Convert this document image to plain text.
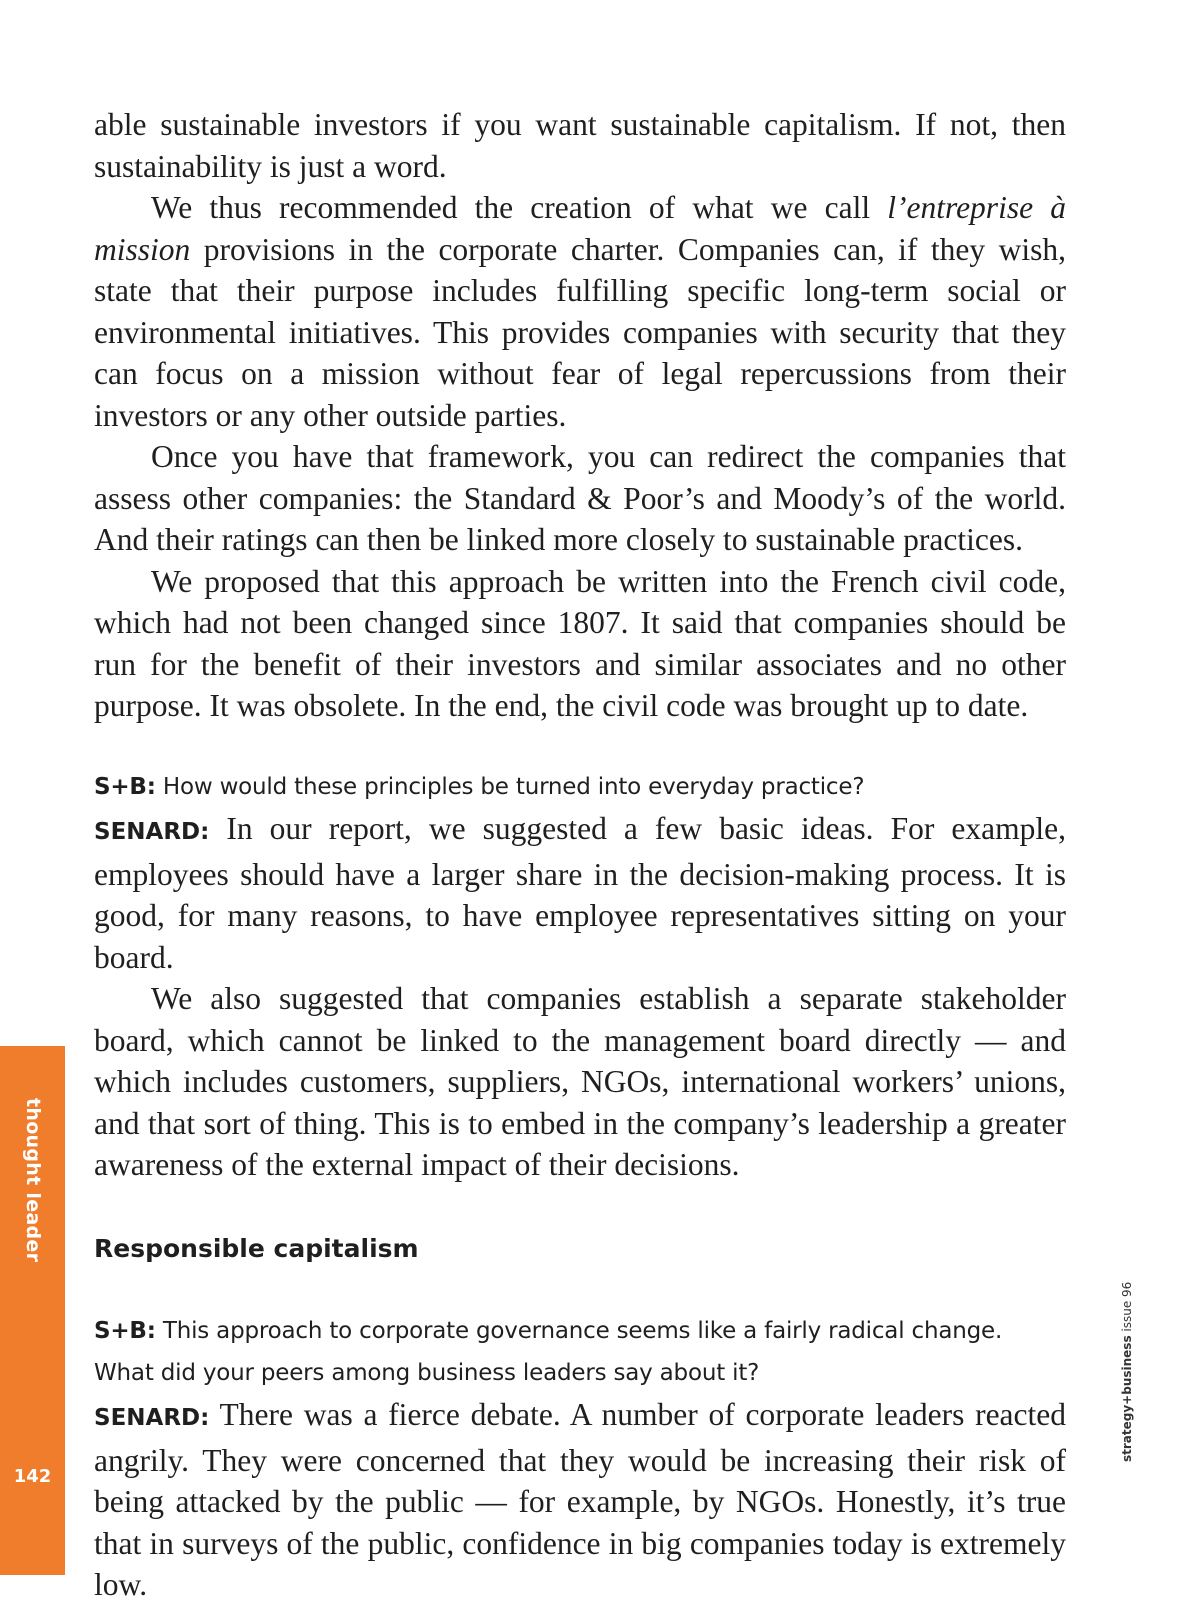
able sustainable investors if you want sustainable capitalism. If not, then sustainability is just a word.

We thus recommended the creation of what we call l’entreprise à mission provisions in the corporate charter. Companies can, if they wish, state that their purpose includes fulfilling specific long-term social or environmental initiatives. This provides companies with security that they can focus on a mission without fear of legal repercussions from their investors or any other outside parties.

Once you have that framework, you can redirect the companies that assess other companies: the Standard & Poor’s and Moody’s of the world. And their ratings can then be linked more closely to sustainable practices.

We proposed that this approach be written into the French civil code, which had not been changed since 1807. It said that companies should be run for the benefit of their investors and similar associates and no other purpose. It was obsolete. In the end, the civil code was brought up to date.

S+B: How would these principles be turned into everyday practice?

SENARD: In our report, we suggested a few basic ideas. For example, employees should have a larger share in the decision-making process. It is good, for many reasons, to have employee representatives sitting on your board.

We also suggested that companies establish a separate stakeholder board, which cannot be linked to the management board directly — and which includes customers, suppliers, NGOs, international workers’ unions, and that sort of thing. This is to embed in the company’s leadership a greater awareness of the external impact of their decisions.

Responsible capitalism
S+B: This approach to corporate governance seems like a fairly radical change. What did your peers among business leaders say about it?

SENARD: There was a fierce debate. A number of corporate leaders reacted angrily. They were concerned that they would be increasing their risk of being attacked by the public — for example, by NGOs. Honestly, it’s true that in surveys of the public, confidence in big companies today is extremely low.

thought leader
142
strategy+business issue 96
